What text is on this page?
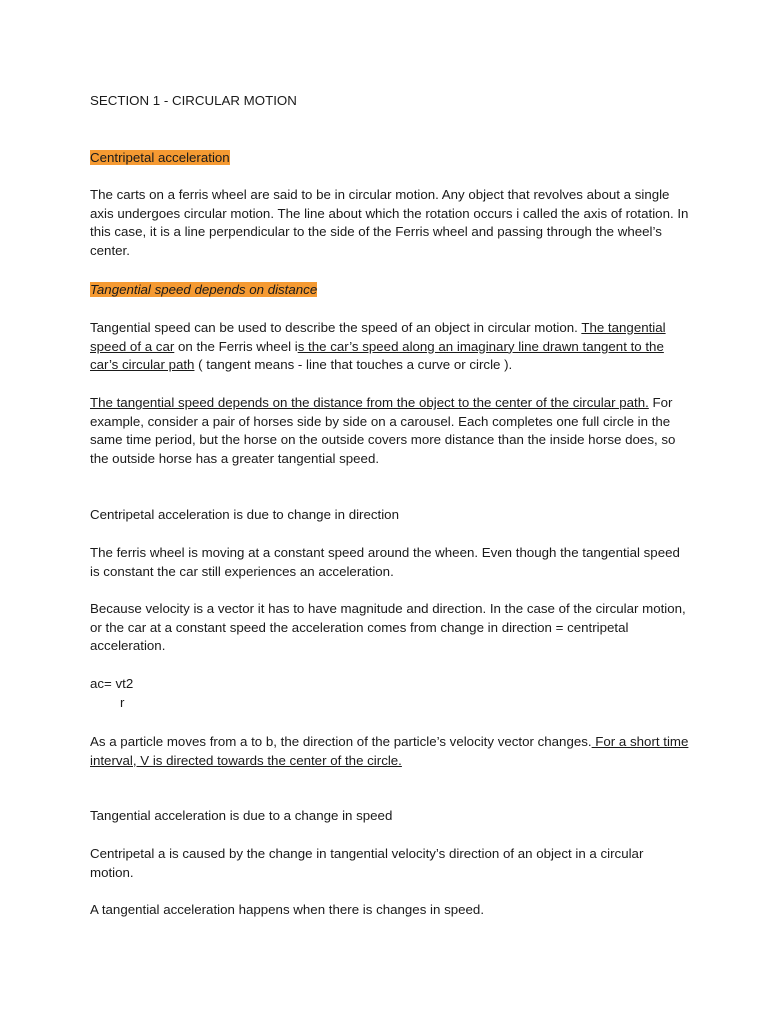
SECTION 1 - CIRCULAR MOTION

Centripetal acceleration

The carts on a ferris wheel are said to be in circular motion. Any object that revolves about a single axis undergoes circular motion. The line about which the rotation occurs i called the axis of rotation. In this case, it is a line perpendicular to the side of the Ferris wheel and passing through the wheel’s center.

Tangential speed depends on distance

Tangential speed can be used to describe the speed of an object in circular motion. The tangential speed of a car on the Ferris wheel is the car’s speed along an imaginary line drawn tangent to the car’s circular path ( tangent means - line that touches a curve or circle ).

The tangential speed depends on the distance from the object to the center of the circular path. For example, consider a pair of horses side by side on a carousel. Each completes one full circle in the same time period, but the horse on the outside covers more distance than the inside horse does, so the outside horse has a greater tangential speed.

Centripetal acceleration is due to change in direction

The ferris wheel is moving at a constant speed around the wheen. Even though the tangential speed is constant the car still experiences an acceleration.

Because velocity is a vector it has to have magnitude and direction. In the case of the circular motion, or the car at a constant speed the acceleration comes from change in direction = centripetal acceleration.

ac= vt2
r

As a particle moves from a to b, the direction of the particle’s velocity vector changes. For a short time interval, V is directed towards the center of the circle.

Tangential acceleration is due to a change in speed

Centripetal a is caused by the change in tangential velocity’s direction of an object in a circular motion.

A tangential acceleration happens when there is changes in speed.
